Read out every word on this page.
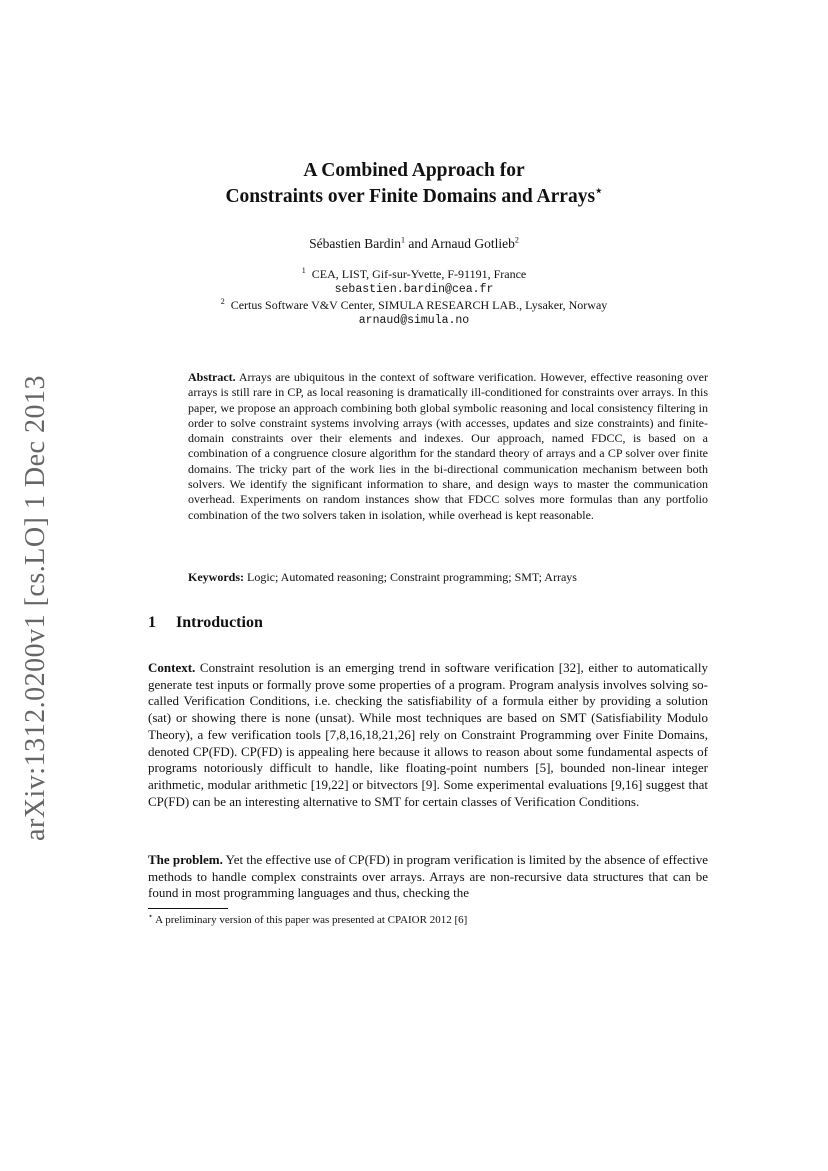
arXiv:1312.0200v1 [cs.LO] 1 Dec 2013
A Combined Approach for
Constraints over Finite Domains and Arrays⋆
Sébastien Bardin$^1$ and Arnaud Gotlieb$^2$
$^1$ CEA, LIST, Gif-sur-Yvette, F-91191, France
sebastien.bardin@cea.fr
$^2$ Certus Software V&V Center, SIMULA RESEARCH LAB., Lysaker, Norway
arnaud@simula.no
Abstract. Arrays are ubiquitous in the context of software verification. However, effective reasoning over arrays is still rare in CP, as local reasoning is dramatically ill-conditioned for constraints over arrays. In this paper, we propose an approach combining both global symbolic reasoning and local consistency filtering in order to solve constraint systems involving arrays (with accesses, updates and size constraints) and finite-domain constraints over their elements and indexes. Our approach, named FDCC, is based on a combination of a congruence closure algorithm for the standard theory of arrays and a CP solver over finite domains. The tricky part of the work lies in the bi-directional communication mechanism between both solvers. We identify the significant information to share, and design ways to master the communication overhead. Experiments on random instances show that FDCC solves more formulas than any portfolio combination of the two solvers taken in isolation, while overhead is kept reasonable.
Keywords: Logic; Automated reasoning; Constraint programming; SMT; Arrays
1 Introduction
Context. Constraint resolution is an emerging trend in software verification [32], either to automatically generate test inputs or formally prove some properties of a program. Program analysis involves solving so-called Verification Conditions, i.e. checking the satisfiability of a formula either by providing a solution (sat) or showing there is none (unsat). While most techniques are based on SMT (Satisfiability Modulo Theory), a few verification tools [7,8,16,18,21,26] rely on Constraint Programming over Finite Domains, denoted CP(FD). CP(FD) is appealing here because it allows to reason about some fundamental aspects of programs notoriously difficult to handle, like floating-point numbers [5], bounded non-linear integer arithmetic, modular arithmetic [19,22] or bitvectors [9]. Some experimental evaluations [9,16] suggest that CP(FD) can be an interesting alternative to SMT for certain classes of Verification Conditions.
The problem. Yet the effective use of CP(FD) in program verification is limited by the absence of effective methods to handle complex constraints over arrays. Arrays are non-recursive data structures that can be found in most programming languages and thus, checking the
⋆ A preliminary version of this paper was presented at CPAIOR 2012 [6]
